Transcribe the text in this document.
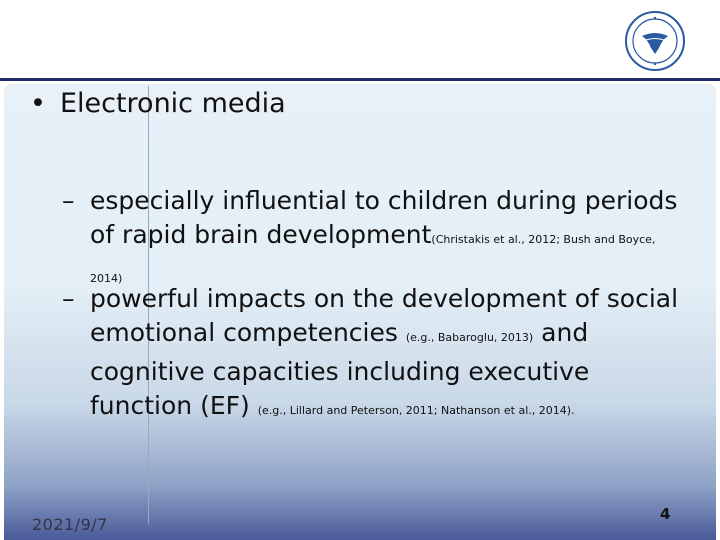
• Electronic media
– especially influential to children during periods of rapid brain development(Christakis et al., 2012; Bush and Boyce, 2014)
– powerful impacts on the development of social emotional competencies (e.g., Babaroglu, 2013) and cognitive capacities including executive function (EF) (e.g., Lillard and Peterson, 2011; Nathanson et al., 2014).
2021/9/7
4
